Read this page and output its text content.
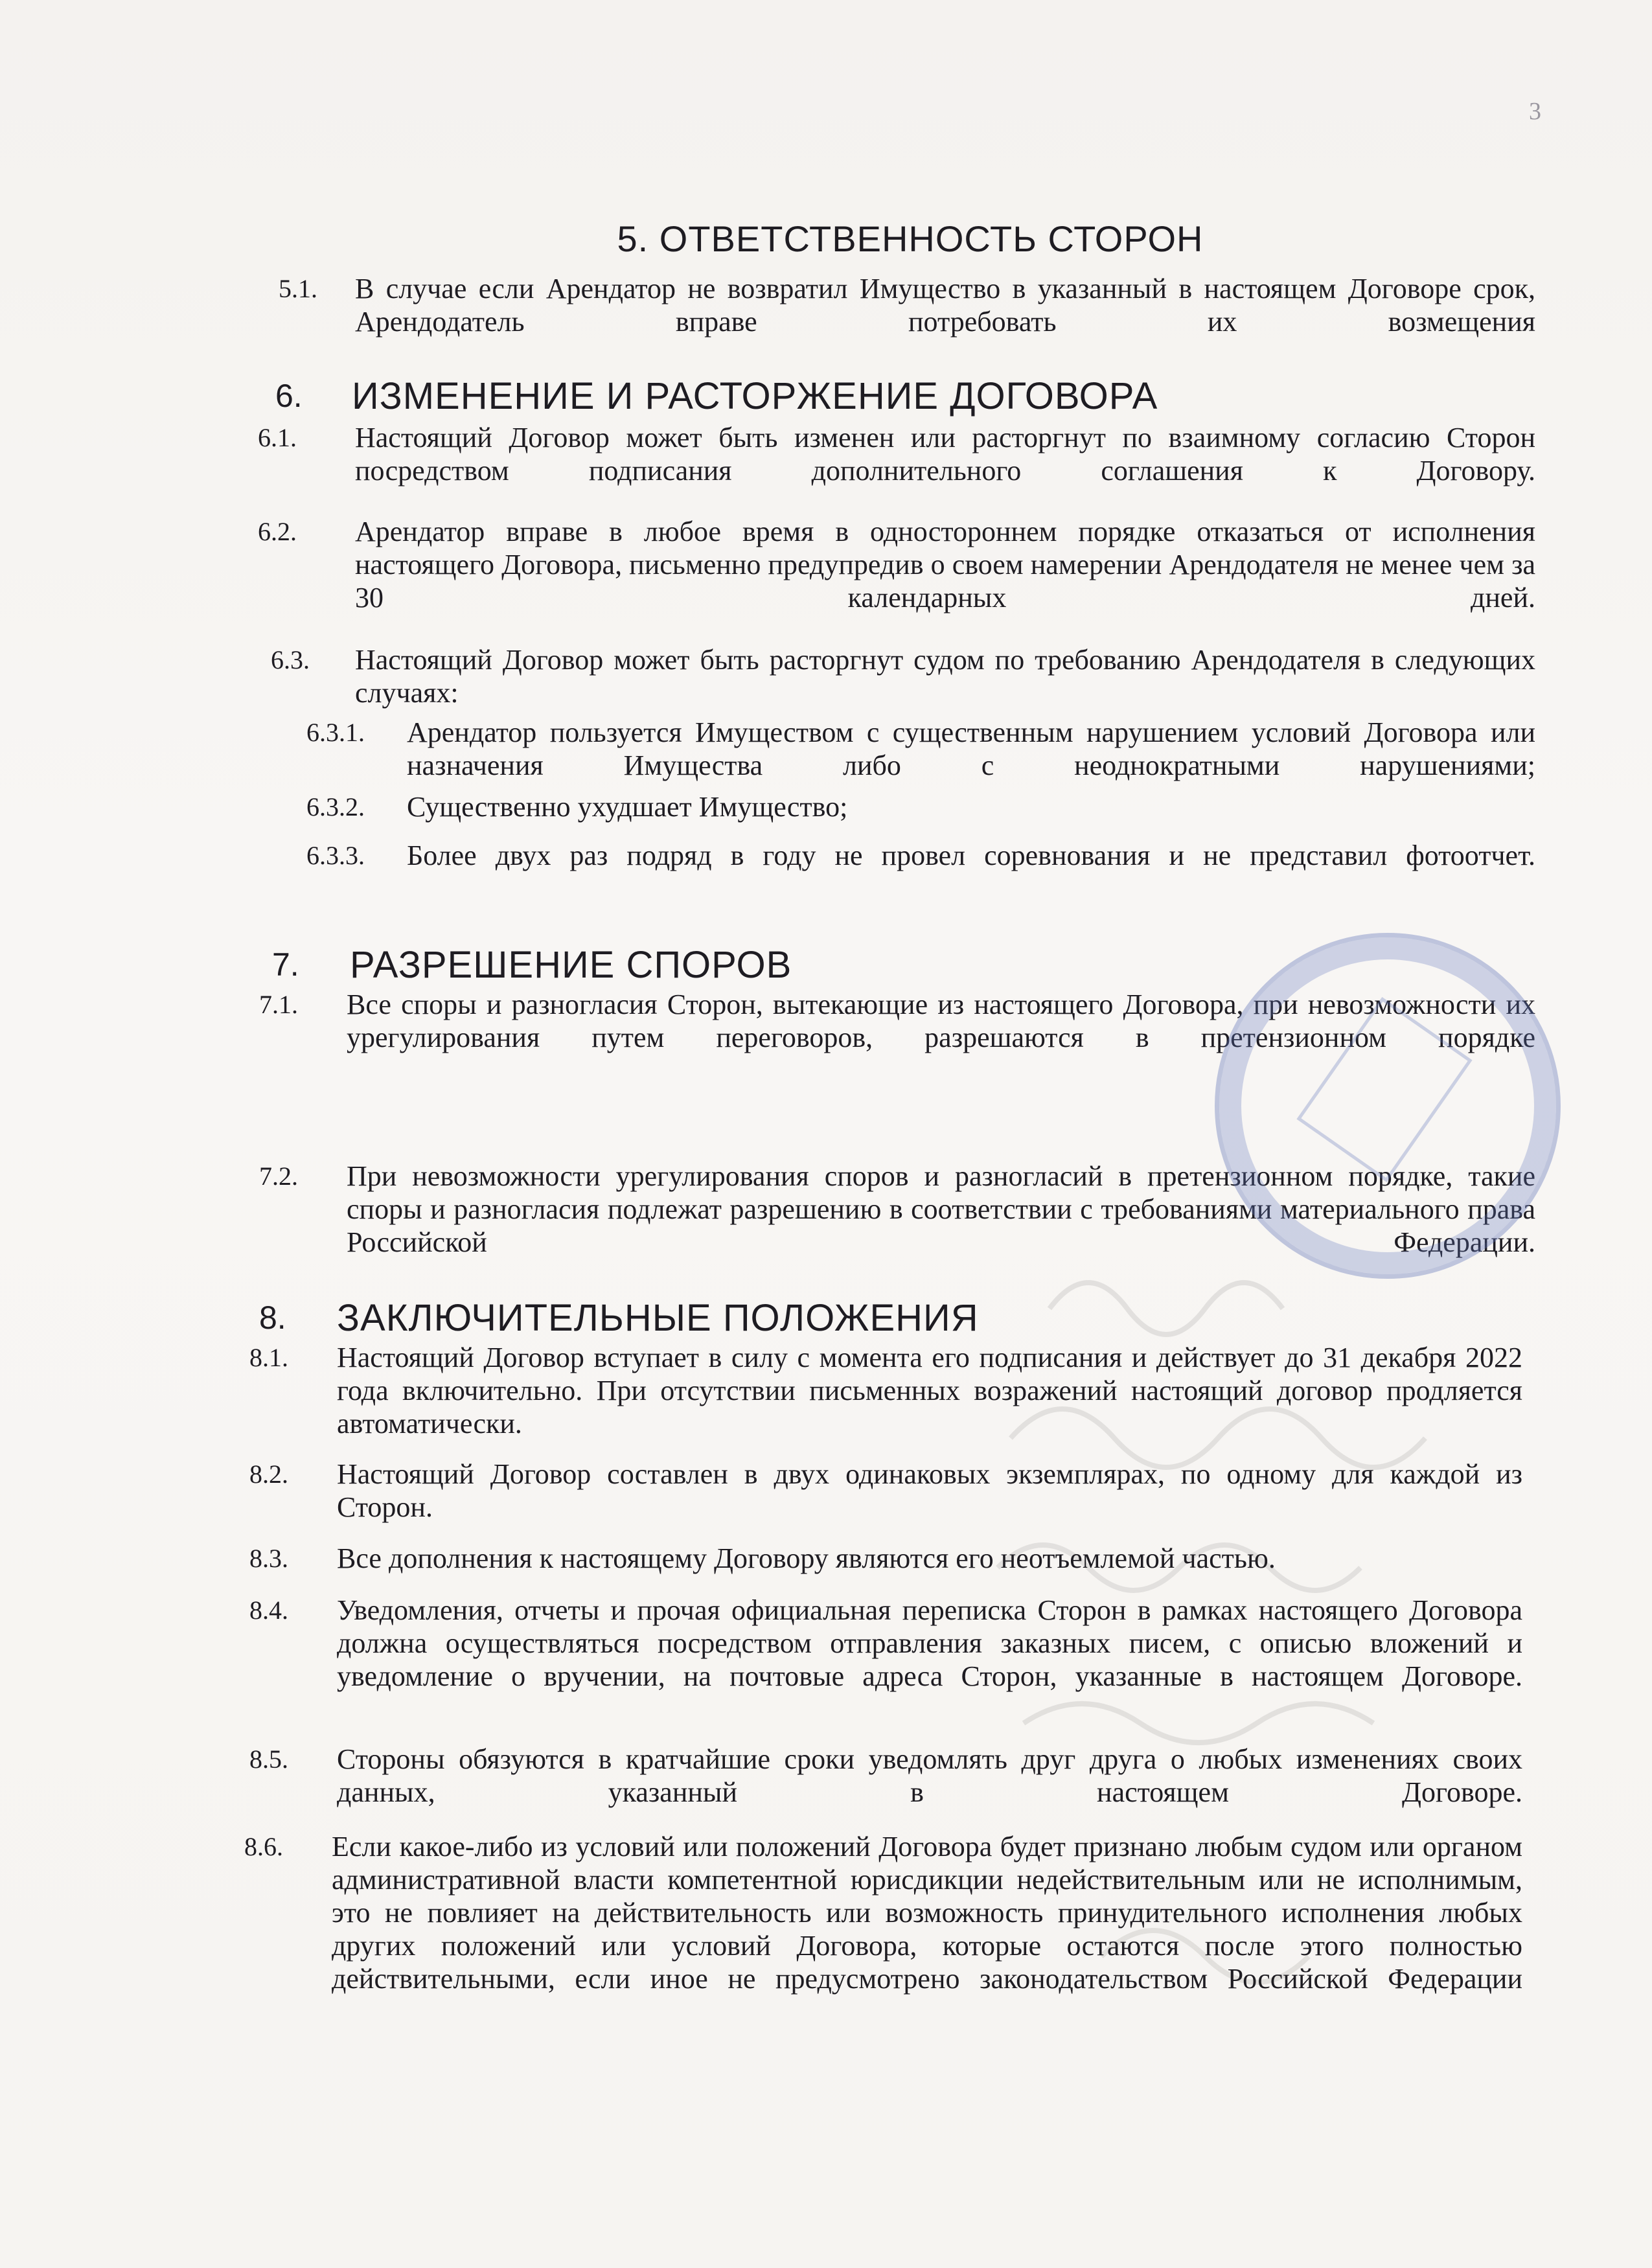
3
5. ОТВЕТСТВЕННОСТЬ СТОРОН
5.1. В случае если Арендатор не возвратил Имущество в указанный в настоящем Договоре срок, Арендодатель вправе потребовать их возмещения
6.	ИЗМЕНЕНИЕ И РАСТОРЖЕНИЕ ДОГОВОРА
6.1. Настоящий Договор может быть изменен или расторгнут по взаимному согласию Сторон посредством подписания дополнительного соглашения к Договору.
6.2. Арендатор вправе в любое время в одностороннем порядке отказаться от исполнения настоящего Договора, письменно предупредив о своем намерении Арендодателя не менее чем за 30 календарных дней.
6.3. Настоящий Договор может быть расторгнут судом по требованию Арендодателя в следующих случаях:
6.3.1. Арендатор пользуется Имуществом с существенным нарушением условий Договора или назначения Имущества либо с неоднократными нарушениями;
6.3.2. Существенно ухудшает Имущество;
6.3.3. Более двух раз подряд в году не провел соревнования и не представил фотоотчет.
7.	РАЗРЕШЕНИЕ СПОРОВ
7.1. Все споры и разногласия Сторон, вытекающие из настоящего Договора, при невозможности их урегулирования путем переговоров, разрешаются в претензионном порядке
7.2. При невозможности урегулирования споров и разногласий в претензионном порядке, такие споры и разногласия подлежат разрешению в соответствии с требованиями материального права Российской Федерации.
8.	ЗАКЛЮЧИТЕЛЬНЫЕ ПОЛОЖЕНИЯ
8.1. Настоящий Договор вступает в силу с момента его подписания и действует до 31 декабря 2022 года включительно. При отсутствии письменных возражений настоящий договор продляется автоматически.
8.2. Настоящий Договор составлен в двух одинаковых экземплярах, по одному для каждой из Сторон.
8.3. Все дополнения к настоящему Договору являются его неотъемлемой частью.
8.4. Уведомления, отчеты и прочая официальная переписка Сторон в рамках настоящего Договора должна осуществляться посредством отправления заказных писем, с описью вложений и уведомление о вручении, на почтовые адреса Сторон, указанные в настоящем Договоре.
8.5. Стороны обязуются в кратчайшие сроки уведомлять друг друга о любых изменениях своих данных, указанный в настоящем Договоре.
8.6. Если какое-либо из условий или положений Договора будет признано любым судом или органом административной власти компетентной юрисдикции недействительным или не исполнимым, это не повлияет на действительность или возможность принудительного исполнения любых других положений или условий Договора, которые остаются после этого полностью действительными, если иное не предусмотрено законодательством Российской Федерации
